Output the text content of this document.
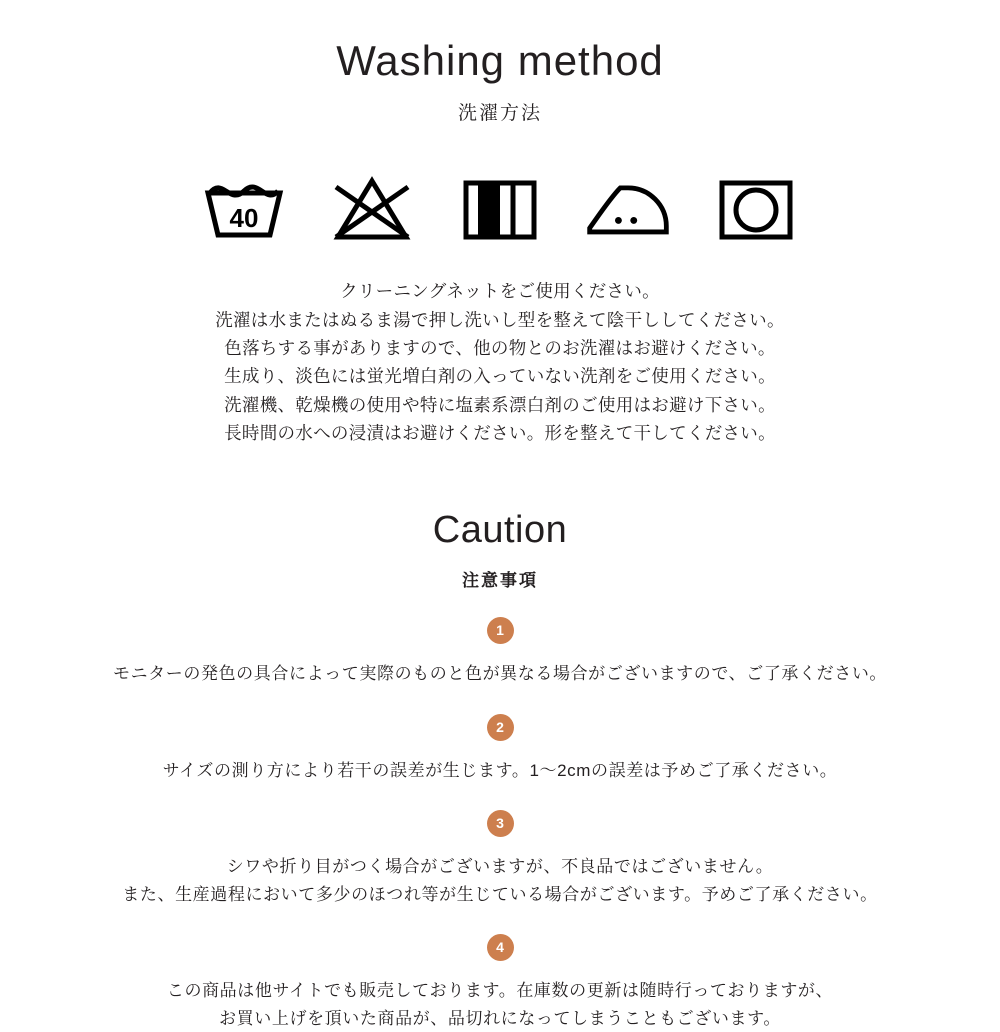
Washing method
洗濯方法
40
クリーニングネットをご使用ください。
洗濯は水またはぬるま湯で押し洗いし型を整えて陰干ししてください。
色落ちする事がありますので、他の物とのお洗濯はお避けください。
生成り、淡色には蛍光増白剤の入っていない洗剤をご使用ください。
洗濯機、乾燥機の使用や特に塩素系漂白剤のご使用はお避け下さい。
長時間の水への浸漬はお避けください。形を整えて干してください。
Caution
注意事項
1
モニターの発色の具合によって実際のものと色が異なる場合がございますので、ご了承ください。
2
サイズの測り方により若干の誤差が生じます。1〜2cmの誤差は予めご了承ください。
3
シワや折り目がつく場合がございますが、不良品ではございません。
また、生産過程において多少のほつれ等が生じている場合がございます。予めご了承ください。
4
この商品は他サイトでも販売しております。在庫数の更新は随時行っておりますが、
お買い上げを頂いた商品が、品切れになってしまうこともございます。
